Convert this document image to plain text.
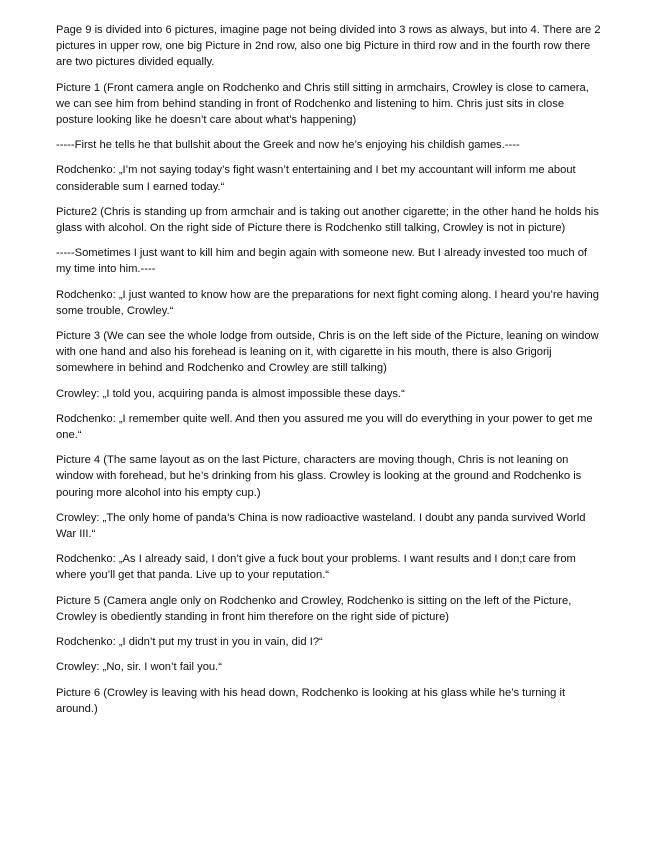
Page 9 is divided into 6 pictures, imagine page not being divided into 3 rows as always, but into 4. There are 2 pictures in upper row, one big Picture in 2nd row, also one big Picture in third row and in the fourth row there are two pictures divided equally.

Picture 1 (Front camera angle on Rodchenko and Chris still sitting in armchairs, Crowley is close to camera, we can see him from behind standing in front of Rodchenko and listening to him. Chris just sits in close posture looking like he doesn’t care about what’s happening)

-----First he tells he that bullshit about the Greek and now he’s enjoying his childish games.----

Rodchenko: „I’m not saying today’s fight wasn’t entertaining and I bet my accountant will inform me about considerable sum I earned today.“

Picture2 (Chris is standing up from armchair and is taking out another cigarette; in the other hand he holds his glass with alcohol. On the right side of Picture there is Rodchenko still talking, Crowley is not in picture)

-----Sometimes I just want to kill him and begin again with someone new. But I already invested too much of my time into him.----

Rodchenko: „I just wanted to know how are the preparations for next fight coming along. I heard you’re having some trouble, Crowley.“

Picture 3 (We can see the whole lodge from outside, Chris is on the left side of the Picture, leaning on window with one hand and also his forehead is leaning on it, with cigarette in his mouth, there is also Grigorij somewhere in behind and Rodchenko and Crowley are still talking)

Crowley: „I told you, acquiring panda is almost impossible these days.“

Rodchenko: „I remember quite well. And then you assured me you will do everything in your power to get me one.“

Picture 4 (The same layout as on the last Picture, characters are moving though, Chris is not leaning on window with forehead, but he’s drinking from his glass. Crowley is looking at the ground and Rodchenko is pouring more alcohol into his empty cup.)

Crowley: „The only home of panda’s China is now radioactive wasteland. I doubt any panda survived World War III.“

Rodchenko: „As I already said, I don’t give a fuck bout your problems. I want results and I don;t care from where you’ll get that panda. Live up to your reputation.“

Picture 5 (Camera angle only on Rodchenko and Crowley, Rodchenko is sitting on the left of the Picture, Crowley is obediently standing in front him therefore on the right side of picture)

Rodchenko: „I didn’t put my trust in you in vain, did I?“

Crowley: „No, sir. I won’t fail you.“

Picture 6 (Crowley is leaving with his head down, Rodchenko is looking at his glass while he’s turning it around.)
